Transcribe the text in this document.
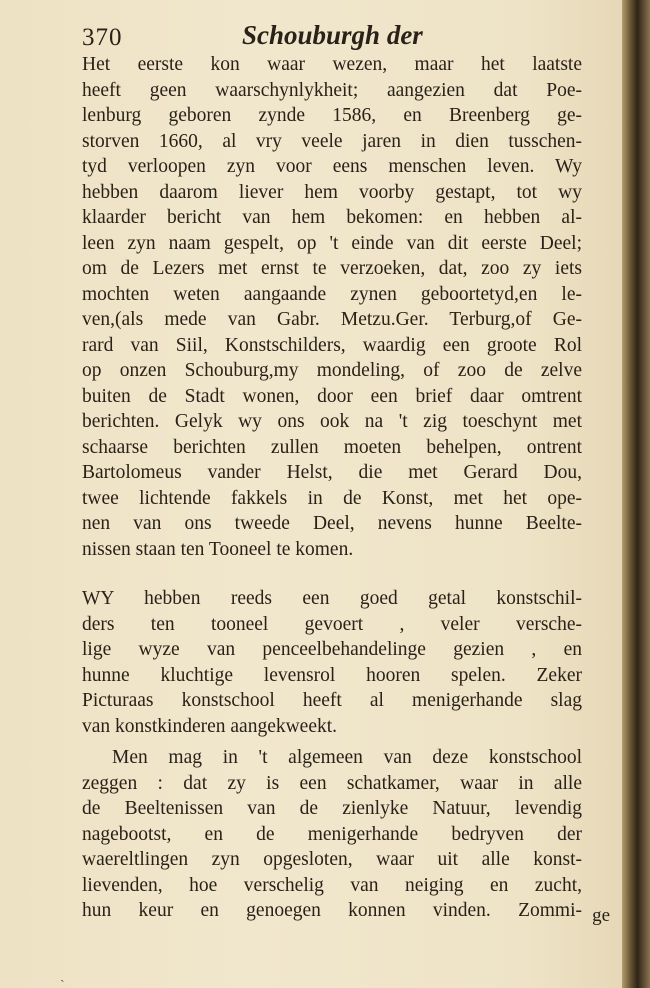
370	Schouburgh der
Het eerste kon waar wezen, maar het laatste
heeft geen waarschynlykheit; aangezien dat Poe-
lenburg geboren zynde 1586, en Breenberg ge-
storven 1660, al vry veele jaren in dien tusschen-
tyd verloopen zyn voor eens menschen leven. Wy
hebben daarom liever hem voorby gestapt, tot wy
klaarder bericht van hem bekomen: en hebben al-
leen zyn naam gespelt, op 't einde van dit eerste Deel;
om de Lezers met ernst te verzoeken, dat, zoo zy iets
mochten weten aangaande zynen geboortetyd,en le-
ven,(als mede van Gabr. Metzu.Ger. Terburg,of Ge-
rard van Siil, Konstschilders, waardig een groote Rol
op onzen Schouburg,my mondeling, of zoo de zelve
buiten de Stadt wonen, door een brief daar omtrent
berichten. Gelyk wy ons ook na 't zig toeschynt met
schaarse berichten zullen moeten behelpen, ontrent
Bartolomeus vander Helst, die met Gerard Dou,
twee lichtende fakkels in de Konst, met het ope-
nen van ons tweede Deel, nevens hunne Beelte-
nissen staan ten Tooneel te komen.
WY hebben reeds een goed getal konstschil-
ders ten tooneel gevoert , veler versche-
lige wyze van penceelbehandelinge gezien , en
hunne kluchtige levensrol hooren spelen. Zeker
Picturaas konstschool heeft al menigerhande slag
van konstkinderen aangekweekt.
Men mag in 't algemeen van deze konstschool
zeggen : dat zy is een schatkamer, waar in alle
de Beeltenissen van de zienlyke Natuur, levendig
nagebootst, en de menigerhande bedryven der
waereltlingen zyn opgesloten, waar uit alle konst-
lievenden, hoe verschelig van neiging en zucht,
hun keur en genoegen konnen vinden. Zommi- ge
ˏ
